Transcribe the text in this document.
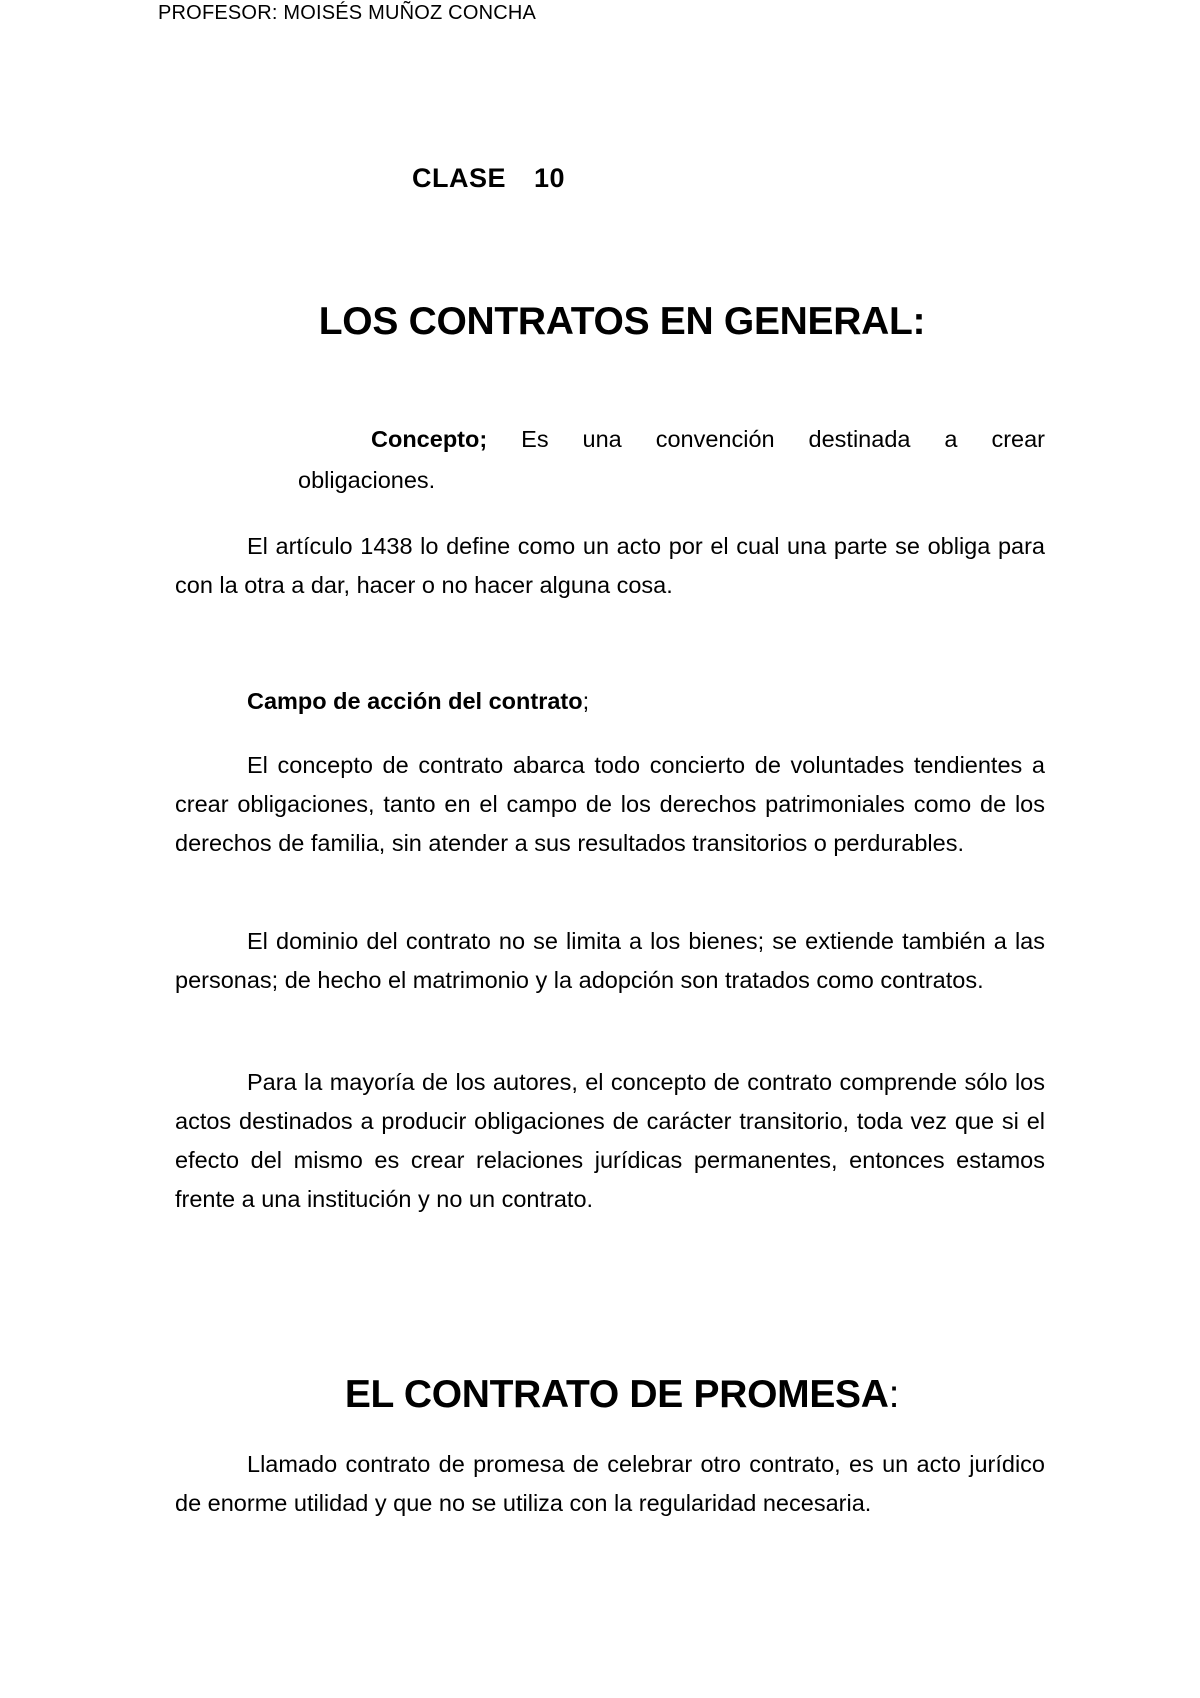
PROFESOR: MOISÉS MUÑOZ CONCHA
CLASE  10
LOS CONTRATOS EN GENERAL:
Concepto; Es una convención destinada a crear
obligaciones.
El artículo 1438 lo define como un acto por el cual una parte se obliga para con la otra a dar, hacer o no hacer alguna cosa.
Campo de acción del contrato;
El concepto de contrato abarca todo concierto de voluntades tendientes a crear obligaciones, tanto en el campo de los derechos patrimoniales como de los derechos de familia, sin atender a sus resultados transitorios o perdurables.
El dominio del contrato no se limita a los bienes; se extiende también a las personas; de hecho el matrimonio y la adopción son tratados como contratos.
Para la mayoría de los autores, el concepto de contrato comprende sólo los actos destinados a producir obligaciones de carácter transitorio, toda vez que si el efecto del mismo es crear relaciones jurídicas permanentes, entonces estamos frente a una institución y no un contrato.
EL CONTRATO DE PROMESA:
Llamado contrato de promesa de celebrar otro contrato, es un acto jurídico de enorme utilidad y que no se utiliza con la regularidad necesaria.
